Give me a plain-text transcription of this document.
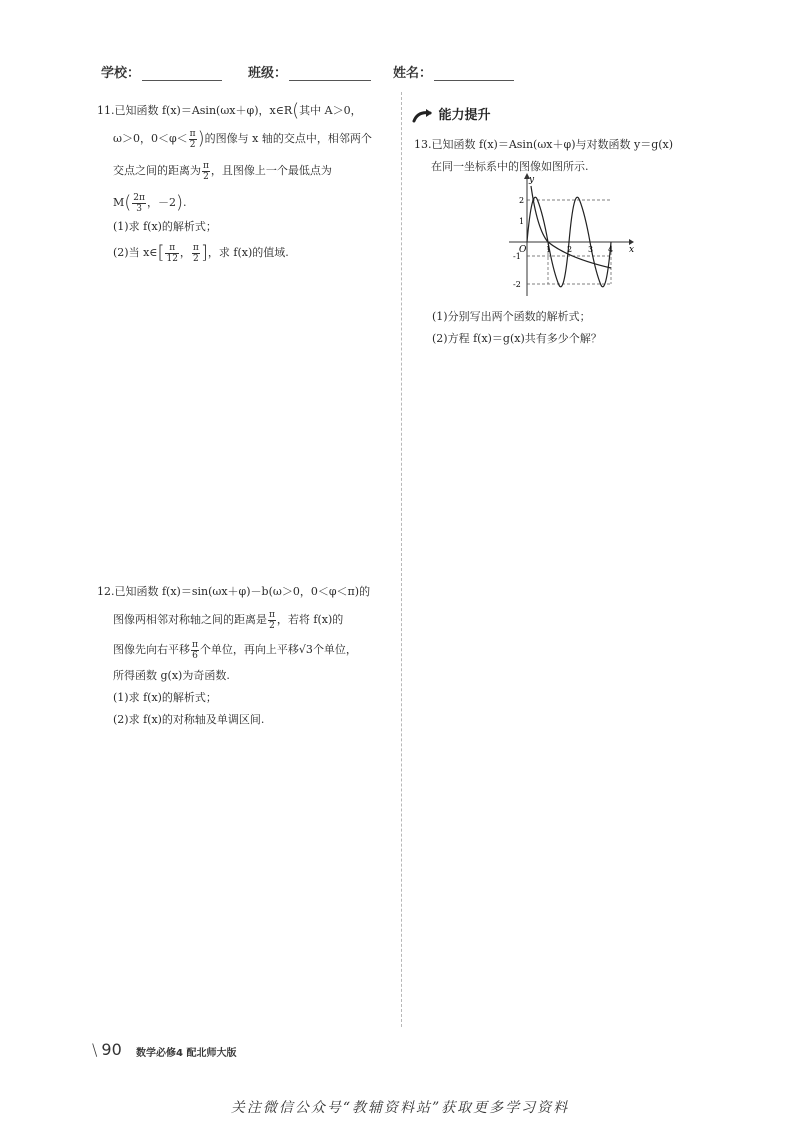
学校：	班级：	姓名：

11.已知函数 f(x)＝Asin(ωx＋φ)，x∈R(其中 A＞0，

ω＞0，$0<\varphi< \frac{\pi}{2}$ )的图像与 x 轴的交点中，相邻两个

交点之间的距离为 $\frac{\pi}{2}$ ，且图像上一个最低点为

$M( \frac{2\pi}{3}$ ，－2).

(1)求 f(x)的解析式；

(2)当 x∈[ $\frac{\pi}{12}$ ， $\frac{\pi}{2}$ ]，求 f(x)的值域.

12.已知函数 f(x)＝sin(ωx＋φ)－b(ω＞0，0＜φ＜π)的

图像两相邻对称轴之间的距离是 $\frac{\pi}{2}$ ，若将 f(x)的

图像先向右平移 $\frac{\pi}{6}$ 个单位，再向上平移√3个单位，

所得函数 g(x)为奇函数.

(1)求 f(x)的解析式；

(2)求 f(x)的对称轴及单调区间.

能力提升

13.已知函数 f(x)＝Asin(ωx＋φ)与对数函数 y＝g(x)

在同一坐标系中的图像如图所示.

y
x
O 1 2 3 4
2
1
-1
-2

(1)分别写出两个函数的解析式；

(2)方程 f(x)＝g(x)共有多少个解？

\ 90 数学必修4 配北师大版
关注微信公众号“教辅资料站”获取更多学习资料
